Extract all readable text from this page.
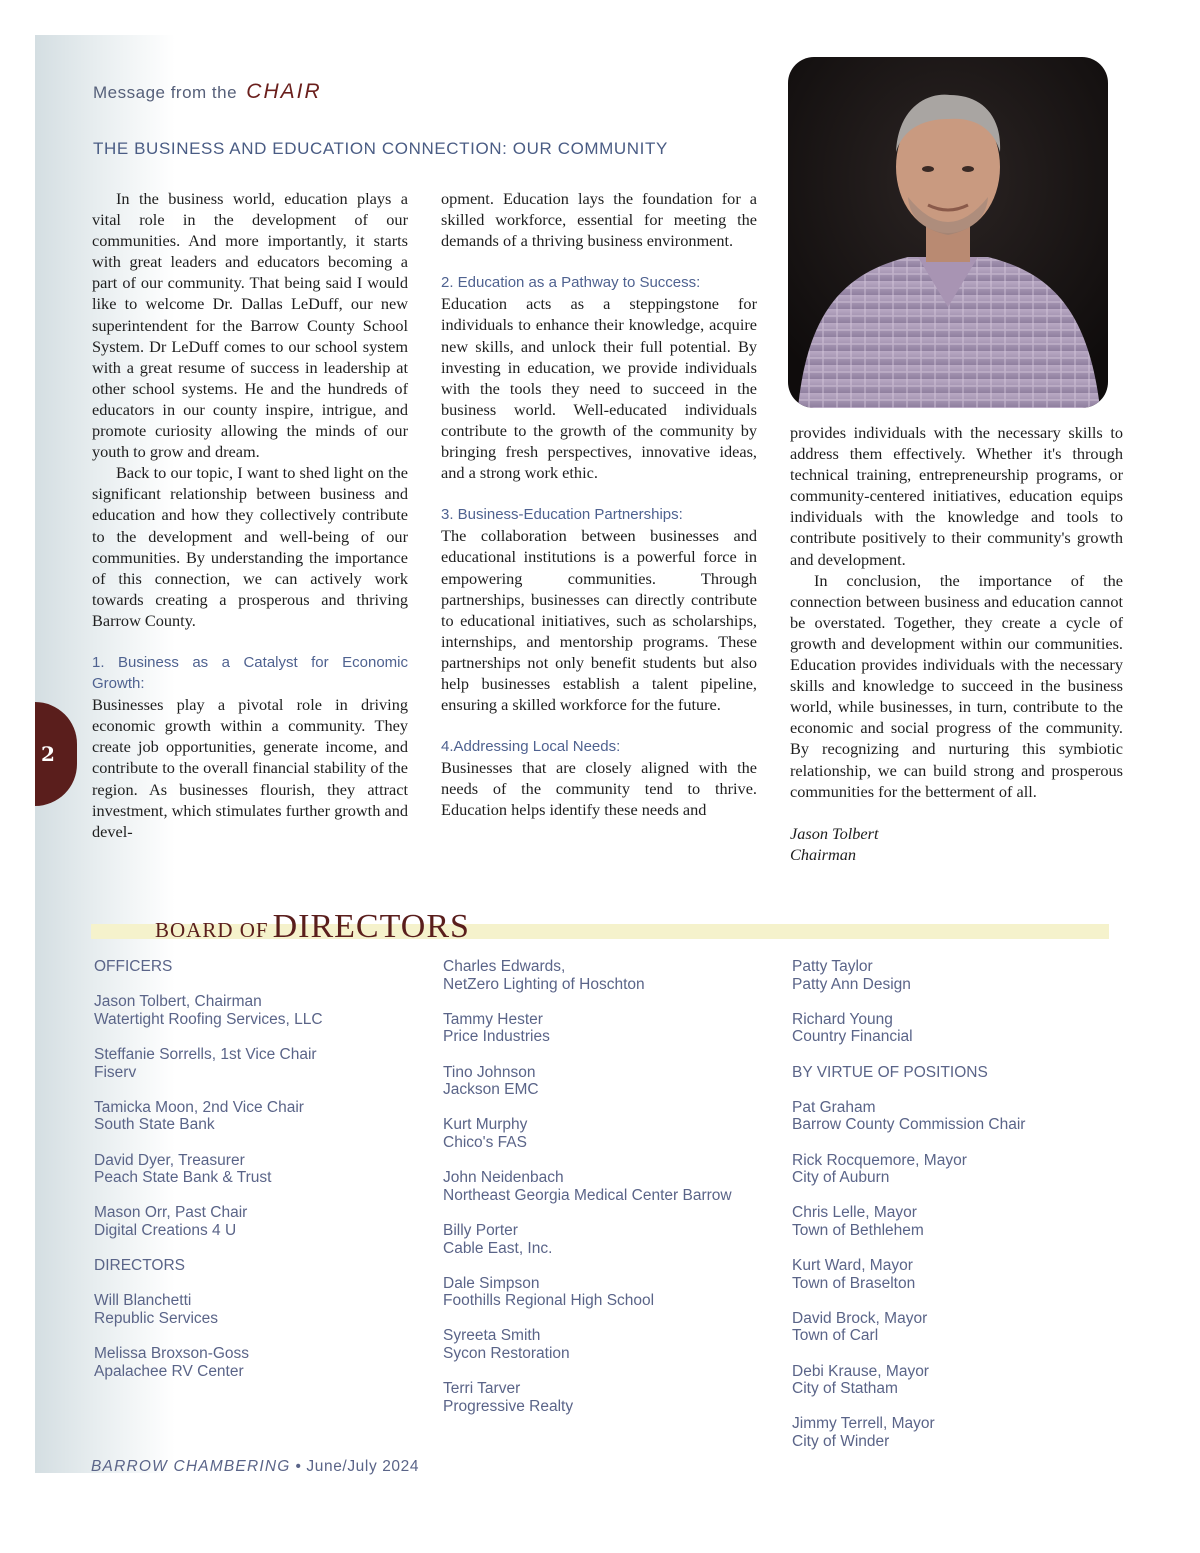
2
Message from the CHAIR
THE BUSINESS AND EDUCATION CONNECTION: OUR COMMUNITY

In the business world, education plays a vital role in the development of our communities. And more importantly, it starts with great leaders and educators becoming a part of our community. That being said I would like to welcome Dr. Dallas LeDuff, our new superintendent for the Barrow County School System. Dr LeDuff comes to our school system with a great resume of success in leadership at other school systems. He and the hundreds of educators in our county inspire, intrigue, and promote curiosity allowing the minds of our youth to grow and dream.

Back to our topic, I want to shed light on the significant relationship between business and education and how they collectively contribute to the development and well-being of our communities. By understanding the importance of this connection, we can actively work towards creating a prosperous and thriving Barrow County.

1. Business as a Catalyst for Economic Growth:

Businesses play a pivotal role in driving economic growth within a community. They create job opportunities, generate income, and contribute to the overall financial stability of the region. As businesses flourish, they attract investment, which stimulates further growth and devel-

opment. Education lays the foundation for a skilled workforce, essential for meeting the demands of a thriving business environment.

2. Education as a Pathway to Success:

Education acts as a steppingstone for individuals to enhance their knowledge, acquire new skills, and unlock their full potential. By investing in education, we provide individuals with the tools they need to succeed in the business world. Well-educated individuals contribute to the growth of the community by bringing fresh perspectives, innovative ideas, and a strong work ethic.

3. Business-Education Partnerships:

The collaboration between businesses and educational institutions is a powerful force in empowering communities. Through partnerships, businesses can directly contribute to educational initiatives, such as scholarships, internships, and mentorship programs. These partnerships not only benefit students but also help businesses establish a talent pipeline, ensuring a skilled workforce for the future.

4.Addressing Local Needs:

Businesses that are closely aligned with the needs of the community tend to thrive. Education helps identify these needs and

provides individuals with the necessary skills to address them effectively. Whether it's through technical training, entrepreneurship programs, or community-centered initiatives, education equips individuals with the knowledge and tools to contribute positively to their community's growth and development.

In conclusion, the importance of the connection between business and education cannot be overstated. Together, they create a cycle of growth and development within our communities. Education provides individuals with the necessary skills and knowledge to succeed in the business world, while businesses, in turn, contribute to the economic and social progress of the community. By recognizing and nurturing this symbiotic relationship, we can build strong and prosperous communities for the betterment of all.

Jason Tolbert

Chairman

BOARD OF DIRECTORS
OFFICERS
Jason Tolbert, Chairman
Watertight Roofing Services, LLC
Steffanie Sorrells, 1st Vice Chair
Fiserv
Tamicka Moon, 2nd Vice Chair
South State Bank
David Dyer, Treasurer
Peach State Bank & Trust
Mason Orr, Past Chair
Digital Creations 4 U
DIRECTORS
Will Blanchetti
Republic Services
Melissa Broxson-Goss
Apalachee RV Center
Charles Edwards,
NetZero Lighting of Hoschton
Tammy Hester
Price Industries
Tino Johnson
Jackson EMC
Kurt Murphy
Chico's FAS
John Neidenbach
Northeast Georgia Medical Center Barrow
Billy Porter
Cable East, Inc.
Dale Simpson
Foothills Regional High School
Syreeta Smith
Sycon Restoration
Terri Tarver
Progressive Realty
Patty Taylor
Patty Ann Design
Richard Young
Country Financial
BY VIRTUE OF POSITIONS
Pat Graham
Barrow County Commission Chair
Rick Rocquemore, Mayor
City of Auburn
Chris Lelle, Mayor
Town of Bethlehem
Kurt Ward, Mayor
Town of Braselton
David Brock, Mayor
Town of Carl
Debi Krause, Mayor
City of Statham
Jimmy Terrell, Mayor
City of Winder
BARROW CHAMBERING • June/July 2024
